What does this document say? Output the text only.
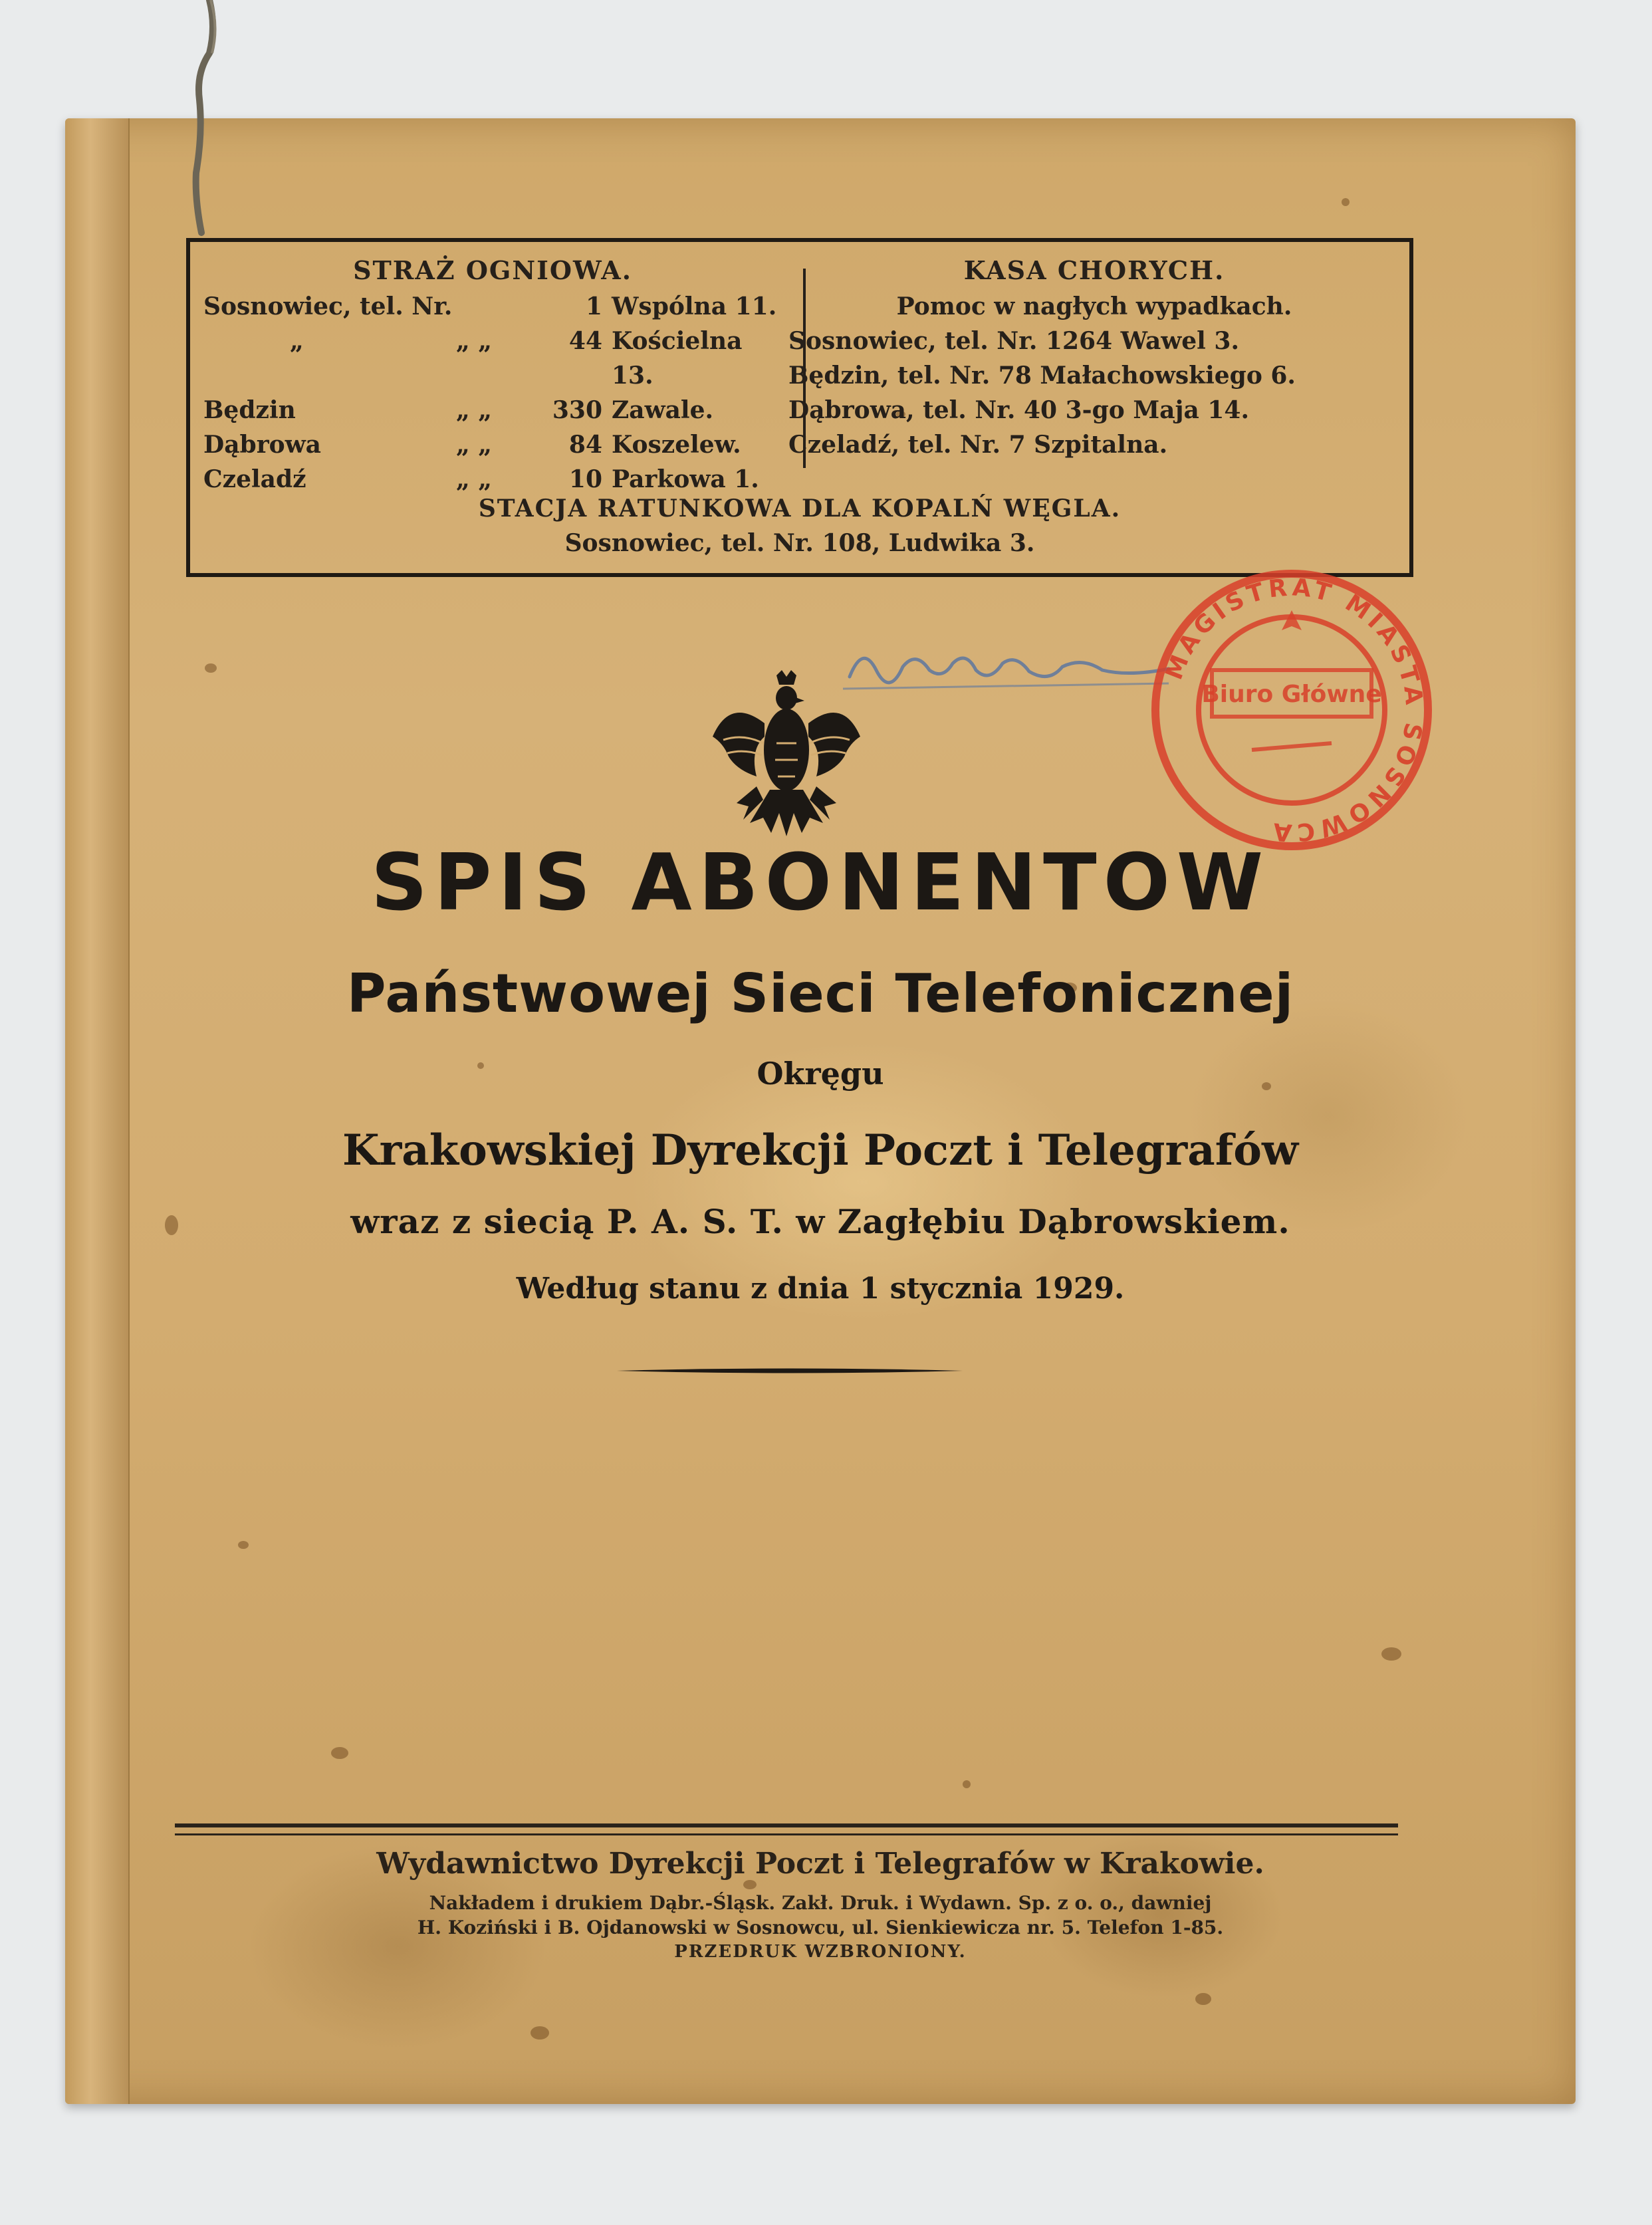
STRAŻ OGNIOWA.
Sosnowiec, tel. Nr.	1 Wspólna 11.
„	„ „	44 Kościelna 13.
Będzin	„ „	330 Zawale.
Dąbrowa	„ „	84 Koszelew.
Czeladź	„ „	10 Parkowa 1.
KASA CHORYCH.
Pomoc w nagłych wypadkach.
Sosnowiec, tel. Nr. 1264 Wawel 3.
Będzin, tel. Nr. 78 Małachowskiego 6.
Dąbrowa, tel. Nr. 40 3-go Maja 14.
Czeladź, tel. Nr. 7 Szpitalna.
STACJA RATUNKOWA DLA KOPALŃ WĘGLA.
Sosnowiec, tel. Nr. 108, Ludwika 3.
MAGISTRAT MIASTA SOSNOWCA
Biuro Główne
SPIS ABONENTOW
Państwowej Sieci Telefonicznej
Okręgu
Krakowskiej Dyrekcji Poczt i Telegrafów
wraz z siecią P. A. S. T. w Zagłębiu Dąbrowskiem.
Według stanu z dnia 1 stycznia 1929.
Wydawnictwo Dyrekcji Poczt i Telegrafów w Krakowie.
Nakładem i drukiem Dąbr.-Śląsk. Zakł. Druk. i Wydawn. Sp. z o. o., dawniej
H. Koziński i B. Ojdanowski w Sosnowcu, ul. Sienkiewicza nr. 5. Telefon 1-85.
PRZEDRUK WZBRONIONY.
